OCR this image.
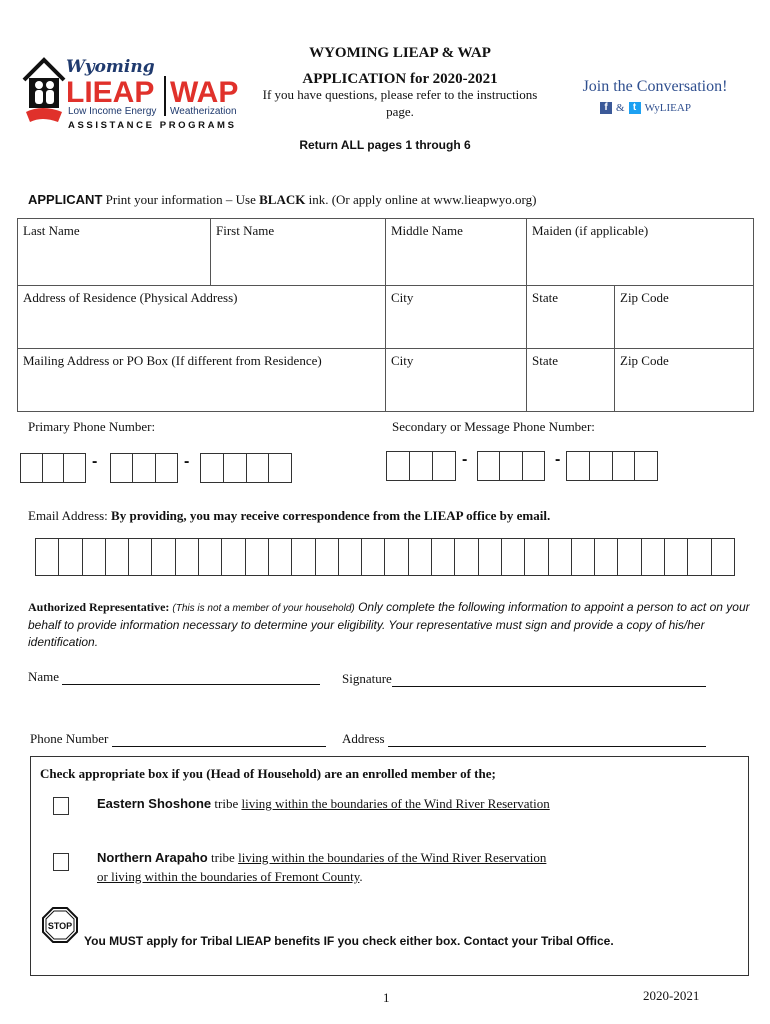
Wyoming
LIEAP WAP
Low Income Energy Weatherization
ASSISTANCE PROGRAMS
WYOMING LIEAP & WAP
APPLICATION for 2020-2021
If you have questions, please refer to the instructions page.
Join the Conversation!
f & t WyLIEAP
Return ALL pages 1 through 6
APPLICANT Print your information – Use BLACK ink. (Or apply online at www.lieapwyo.org)
Last Name	First Name	Middle Name	Maiden (if applicable)
Address of Residence (Physical Address)	City	State	Zip Code
Mailing Address or PO Box (If different from Residence)	City	State	Zip Code
Primary Phone Number:	Secondary or Message Phone Number:
-	-	-	-
Email Address: By providing, you may receive correspondence from the LIEAP office by email.
Authorized Representative: (This is not a member of your household) Only complete the following information to appoint a person to act on your behalf to provide information necessary to determine your eligibility. Your representative must sign and provide a copy of his/her identification.
Name	Signature
Phone Number	Address
Check appropriate box if you (Head of Household) are an enrolled member of the;
Eastern Shoshone tribe living within the boundaries of the Wind River Reservation
Northern Arapaho tribe living within the boundaries of the Wind River Reservation
or living within the boundaries of Fremont County.
STOP
You MUST apply for Tribal LIEAP benefits IF you check either box. Contact your Tribal Office.
1	2020-2021
